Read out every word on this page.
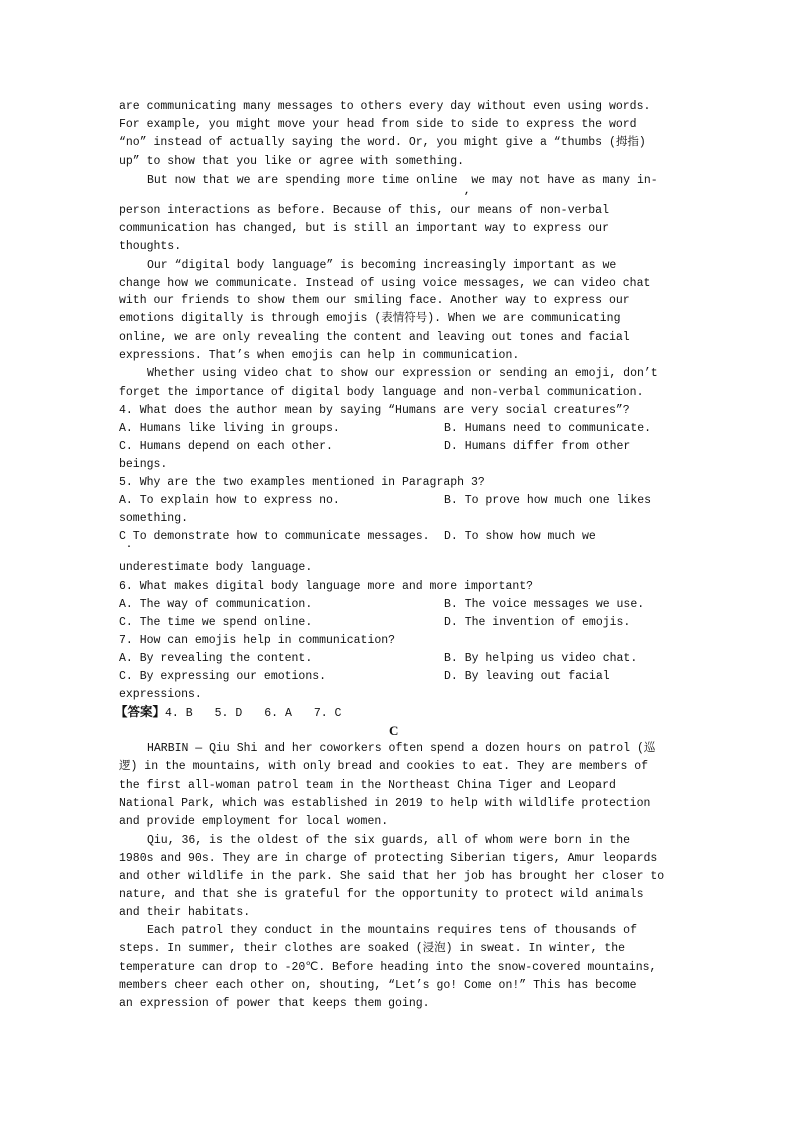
are communicating many messages to others every day without even using words.
For example, you might move your head from side to side to express the word
“no” instead of actually saying the word. Or, you might give a “thumbs (拇指)
up” to show that you like or agree with something.
But now that we are spending more time online  we may not have as many in-
person interactions as before. Because of this, our means of non-verbal
communication has changed, but is still an important way to express our
thoughts.
Our “digital body language” is becoming increasingly important as we
change how we communicate. Instead of using voice messages, we can video chat
with our friends to show them our smiling face. Another way to express our
emotions digitally is through emojis (表情符号). When we are communicating
online, we are only revealing the content and leaving out tones and facial
expressions. That’s when emojis can help in communication.
Whether using video chat to show our expression or sending an emoji, don’t
forget the importance of digital body language and non-verbal communication.
4. What does the author mean by saying “Humans are very social creatures”?
A. Humans like living in groups.	B. Humans need to communicate.
C. Humans depend on each other.	D. Humans differ from other
beings.
5. Why are the two examples mentioned in Paragraph 3?
A. To explain how to express no.	B. To prove how much one likes
something.
C To demonstrate how to communicate messages. D. To show how much we
underestimate body language.
6. What makes digital body language more and more important?
A. The way of communication.	B. The voice messages we use.
C. The time we spend online.	D. The invention of emojis.
7. How can emojis help in communication?
A. By revealing the content.	B. By helping us video chat.
C. By expressing our emotions.	D. By leaving out facial
expressions.
【答案】4. B 5. D 6. A 7. C
C
HARBIN — Qiu Shi and her coworkers often spend a dozen hours on patrol (巡
逻) in the mountains, with only bread and cookies to eat. They are members of
the first all-woman patrol team in the Northeast China Tiger and Leopard
National Park, which was established in 2019 to help with wildlife protection
and provide employment for local women.
Qiu, 36, is the oldest of the six guards, all of whom were born in the
1980s and 90s. They are in charge of protecting Siberian tigers, Amur leopards
and other wildlife in the park. She said that her job has brought her closer to
nature, and that she is grateful for the opportunity to protect wild animals
and their habitats.
Each patrol they conduct in the mountains requires tens of thousands of
steps. In summer, their clothes are soaked (浸泡) in sweat. In winter, the
temperature can drop to -20℃. Before heading into the snow-covered mountains,
members cheer each other on, shouting, “Let’s go! Come on!” This has become
an expression of power that keeps them going.
,
·
